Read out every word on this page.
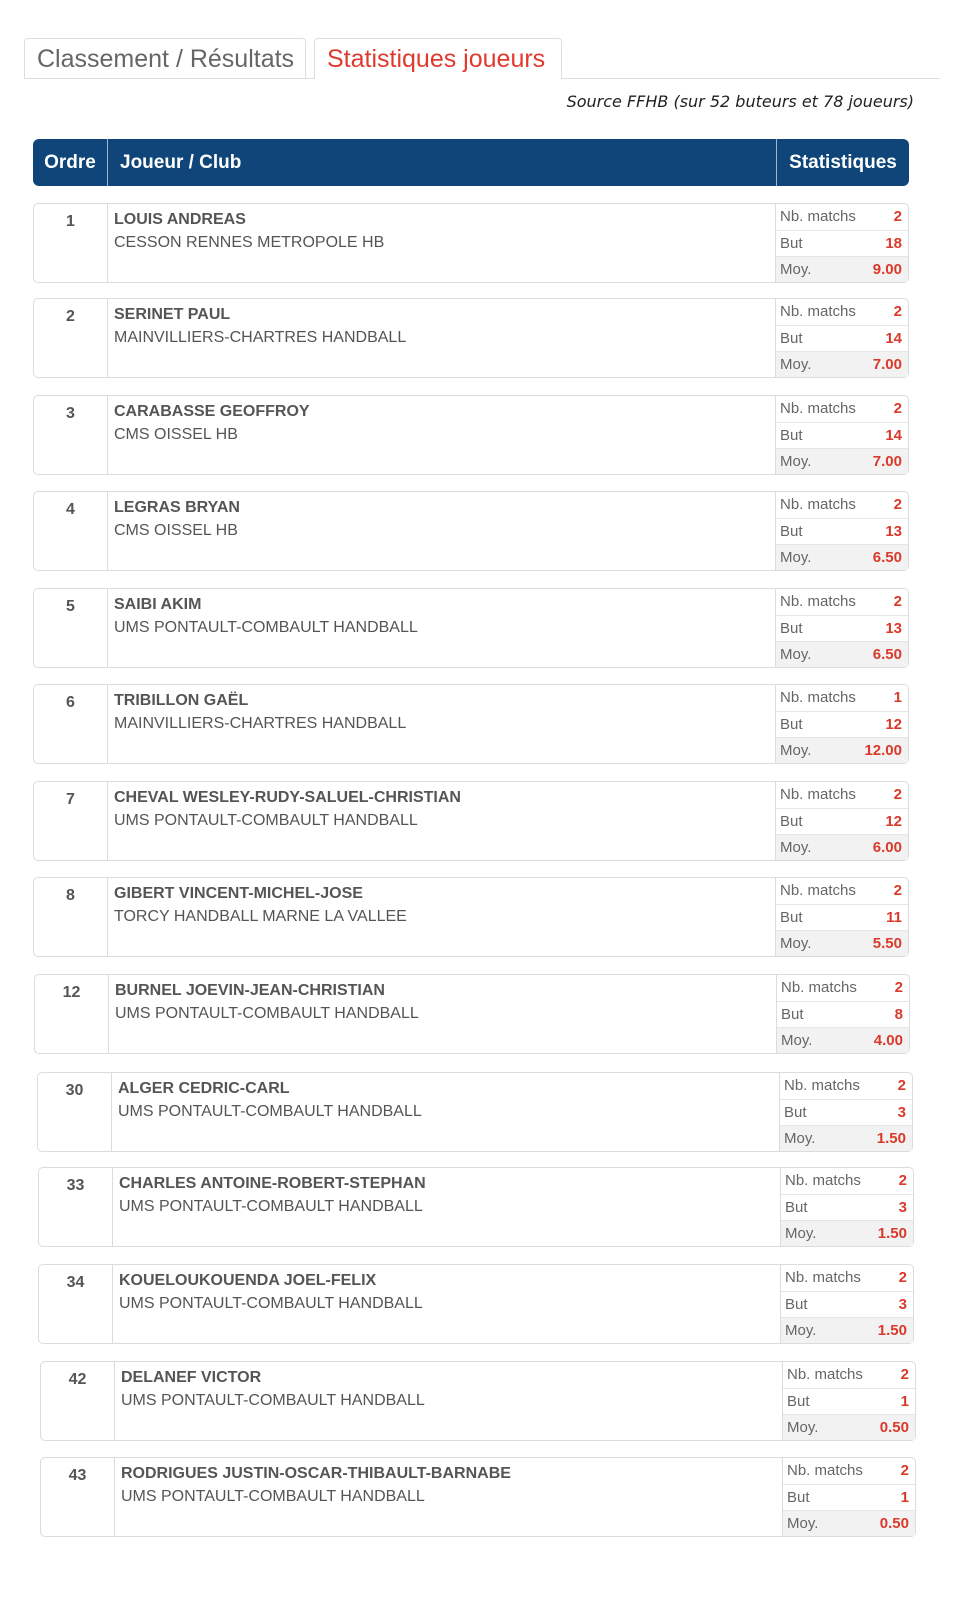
Classement / Résultats	Statistiques joueurs
Source FFHB (sur 52 buteurs et 78 joueurs)
Ordre	Joueur / Club	Statistiques
1	LOUIS ANDREAS
CESSON RENNES METROPOLE HB
Nb. matchs	2
But	18
Moy.	9.00
2	SERINET PAUL
MAINVILLIERS-CHARTRES HANDBALL
Nb. matchs	2
But	14
Moy.	7.00
3	CARABASSE GEOFFROY
CMS OISSEL HB
Nb. matchs	2
But	14
Moy.	7.00
4	LEGRAS BRYAN
CMS OISSEL HB
Nb. matchs	2
But	13
Moy.	6.50
5	SAIBI AKIM
UMS PONTAULT-COMBAULT HANDBALL
Nb. matchs	2
But	13
Moy.	6.50
6	TRIBILLON GAËL
MAINVILLIERS-CHARTRES HANDBALL
Nb. matchs	1
But	12
Moy.	12.00
7	CHEVAL WESLEY-RUDY-SALUEL-CHRISTIAN
UMS PONTAULT-COMBAULT HANDBALL
Nb. matchs	2
But	12
Moy.	6.00
8	GIBERT VINCENT-MICHEL-JOSE
TORCY HANDBALL MARNE LA VALLEE
Nb. matchs	2
But	11
Moy.	5.50
12	BURNEL JOEVIN-JEAN-CHRISTIAN
UMS PONTAULT-COMBAULT HANDBALL
Nb. matchs	2
But	8
Moy.	4.00
30	ALGER CEDRIC-CARL
UMS PONTAULT-COMBAULT HANDBALL
Nb. matchs	2
But	3
Moy.	1.50
33	CHARLES ANTOINE-ROBERT-STEPHAN
UMS PONTAULT-COMBAULT HANDBALL
Nb. matchs	2
But	3
Moy.	1.50
34	KOUELOUKOUENDA JOEL-FELIX
UMS PONTAULT-COMBAULT HANDBALL
Nb. matchs	2
But	3
Moy.	1.50
42	DELANEF VICTOR
UMS PONTAULT-COMBAULT HANDBALL
Nb. matchs	2
But	1
Moy.	0.50
43	RODRIGUES JUSTIN-OSCAR-THIBAULT-BARNABE
UMS PONTAULT-COMBAULT HANDBALL
Nb. matchs	2
But	1
Moy.	0.50
